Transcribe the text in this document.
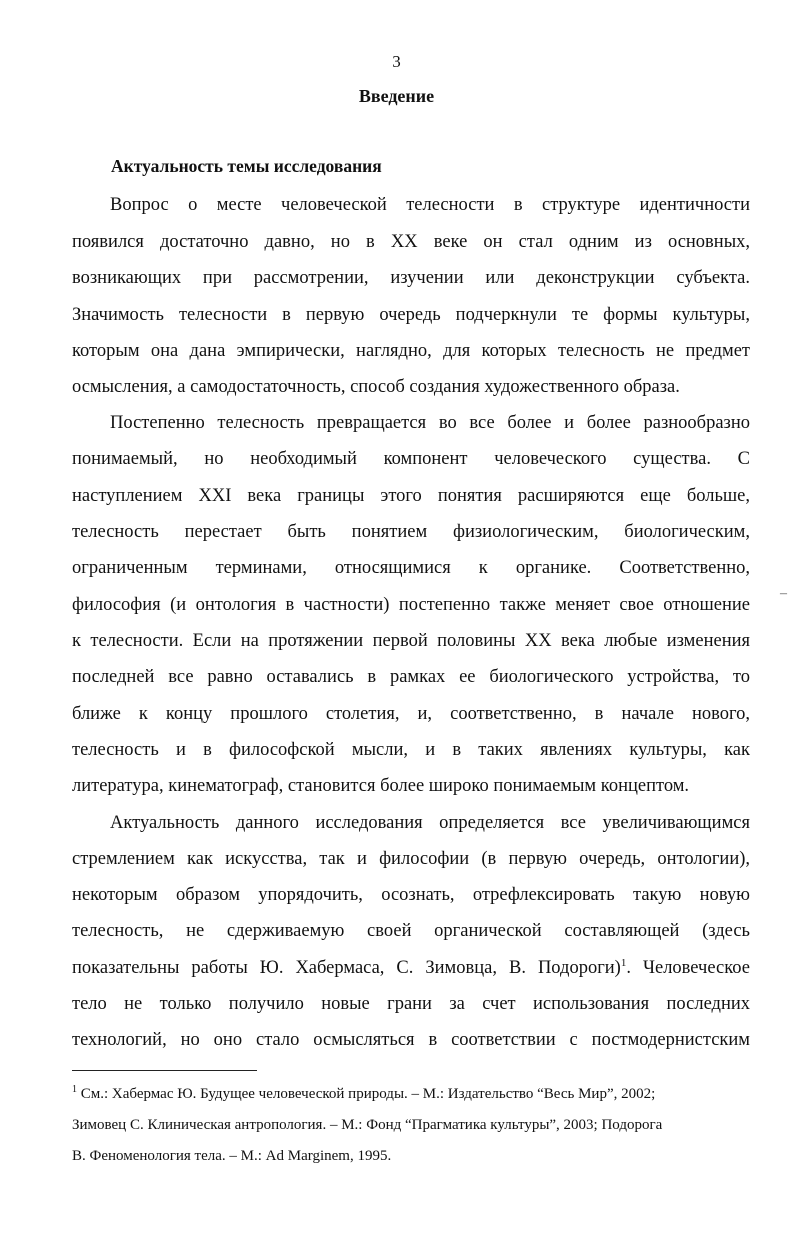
3
Введение
Актуальность темы исследования
Вопрос о месте человеческой телесности в структуре идентичности
появился достаточно давно, но в XX веке он стал одним из основных,
возникающих при рассмотрении, изучении или деконструкции субъекта.
Значимость телесности в первую очередь подчеркнули те формы культуры,
которым она дана эмпирически, наглядно, для которых телесность не предмет
осмысления, а самодостаточность, способ создания художественного образа.
Постепенно телесность превращается во все более и более разнообразно
понимаемый, но необходимый компонент человеческого существа. С
наступлением XXI века границы этого понятия расширяются еще больше,
телесность перестает быть понятием физиологическим, биологическим,
ограниченным терминами, относящимися к органике. Соответственно,
философия (и онтология в частности) постепенно также меняет свое отношение
к телесности. Если на протяжении первой половины XX века любые изменения
последней все равно оставались в рамках ее биологического устройства, то
ближе к концу прошлого столетия, и, соответственно, в начале нового,
телесность и в философской мысли, и в таких явлениях культуры, как
литература, кинематограф, становится более широко понимаемым концептом.
Актуальность данного исследования определяется все увеличивающимся
стремлением как искусства, так и философии (в первую очередь, онтологии),
некоторым образом упорядочить, осознать, отрефлексировать такую новую
телесность, не сдерживаемую своей органической составляющей (здесь
показательны работы Ю. Хабермаса, С. Зимовца, В. Подороги)$^1$. Человеческое
тело не только получило новые грани за счет использования последних
технологий, но оно стало осмысляться в соответствии с постмодернистским
$^1$ См.: Хабермас Ю. Будущее человеческой природы. – М.: Издательство “Весь Мир”, 2002;
Зимовец С. Клиническая антропология. – М.: Фонд “Прагматика культуры”, 2003; Подорога
В. Феноменология тела. – М.: Ad Marginem, 1995.
–
